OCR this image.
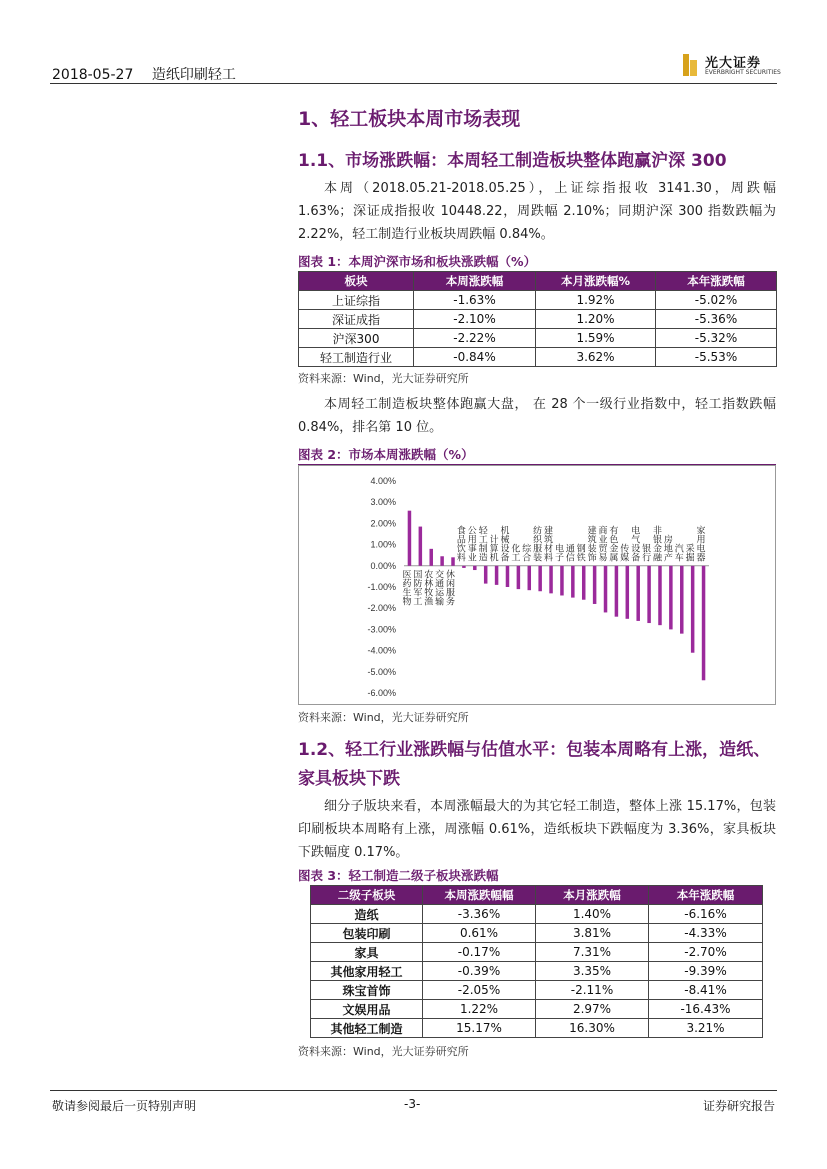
2018-05-27 造纸印刷轻工
光大证券
EVERBRIGHT SECURITIES
1、轻工板块本周市场表现
1.1、市场涨跌幅：本周轻工制造板块整体跑赢沪深 300
本周（2018.05.21-2018.05.25），上证综指报收 3141.30，周跌幅 1.63%；深证成指报收 10448.22，周跌幅 2.10%；同期沪深 300 指数跌幅为 2.22%，轻工制造行业板块周跌幅 0.84%。
图表 1：本周沪深市场和板块涨跌幅（%）
板块	本周涨跌幅	本月涨跌幅%	本年涨跌幅
上证综指	-1.63%	1.92%	-5.02%
深证成指	-2.10%	1.20%	-5.36%
沪深300	-2.22%	1.59%	-5.32%
轻工制造行业	-0.84%	3.62%	-5.53%
资料来源：Wind，光大证券研究所
本周轻工制造板块整体跑赢大盘， 在 28 个一级行业指数中，轻工指数跌幅 0.84%，排名第 10 位。
图表 2：市场本周涨跌幅（%）
4.00%
3.00%
2.00%
1.00%
0.00%
-1.00%
-2.00%
-3.00%
-4.00%
-5.00%
-6.00%
医药生物 国防军工 农林牧渔 交通运输 休闲服务
食品饮料 公用事业 轻工制造 计算机 机械设备 化工 综合 纺织服装 建筑材料 电子 通信 钢铁 建筑装饰 商业贸易 有色金属 传媒 电气设备 银行 非银金融 房地产 汽车 采掘 家用电器
资料来源：Wind，光大证券研究所
1.2、轻工行业涨跌幅与估值水平：包装本周略有上涨，造纸、家具板块下跌
细分子版块来看，本周涨幅最大的为其它轻工制造，整体上涨 15.17%，包装印刷板块本周略有上涨，周涨幅 0.61%，造纸板块下跌幅度为 3.36%，家具板块下跌幅度 0.17%。
图表 3：轻工制造二级子板块涨跌幅
二级子板块	本周涨跌幅幅	本月涨跌幅	本年涨跌幅
造纸	-3.36%	1.40%	-6.16%
包装印刷	0.61%	3.81%	-4.33%
家具	-0.17%	7.31%	-2.70%
其他家用轻工	-0.39%	3.35%	-9.39%
珠宝首饰	-2.05%	-2.11%	-8.41%
文娱用品	1.22%	2.97%	-16.43%
其他轻工制造	15.17%	16.30%	3.21%
资料来源：Wind，光大证券研究所
敬请参阅最后一页特别声明	-3-	证券研究报告
